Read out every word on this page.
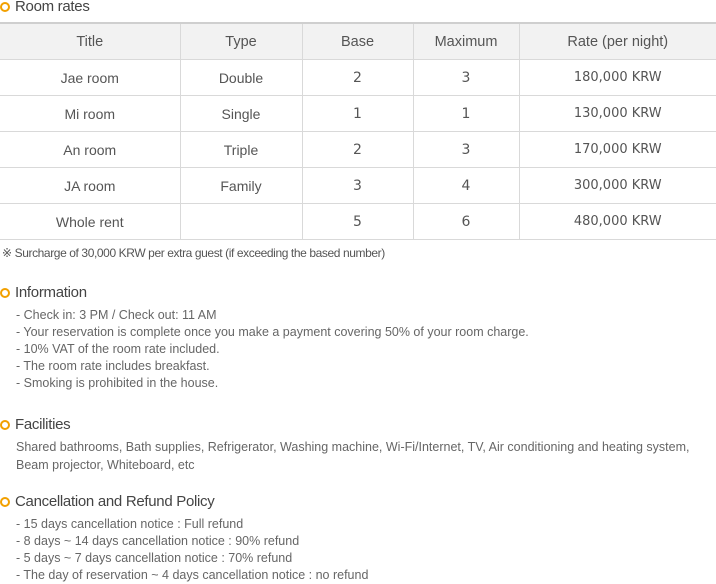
Room rates
Title	Type	Base	Maximum	Rate (per night)
Jae room	Double	2	3	180,000 KRW
Mi room	Single	1	1	130,000 KRW
An room	Triple	2	3	170,000 KRW
JA room	Family	3	4	300,000 KRW
Whole rent		5	6	480,000 KRW
※ Surcharge of 30,000 KRW per extra guest (if exceeding the based number)
Information
- Check in: 3 PM / Check out: 11 AM
- Your reservation is complete once you make a payment covering 50% of your room charge.
- 10% VAT of the room rate included.
- The room rate includes breakfast.
- Smoking is prohibited in the house.
Facilities
Shared bathrooms, Bath supplies, Refrigerator, Washing machine, Wi-Fi/Internet, TV, Air conditioning and heating system, Beam projector, Whiteboard, etc
Cancellation and Refund Policy
- 15 days cancellation notice : Full refund
- 8 days ~ 14 days cancellation notice : 90% refund
- 5 days ~ 7 days cancellation notice : 70% refund
- The day of reservation ~ 4 days cancellation notice : no refund
